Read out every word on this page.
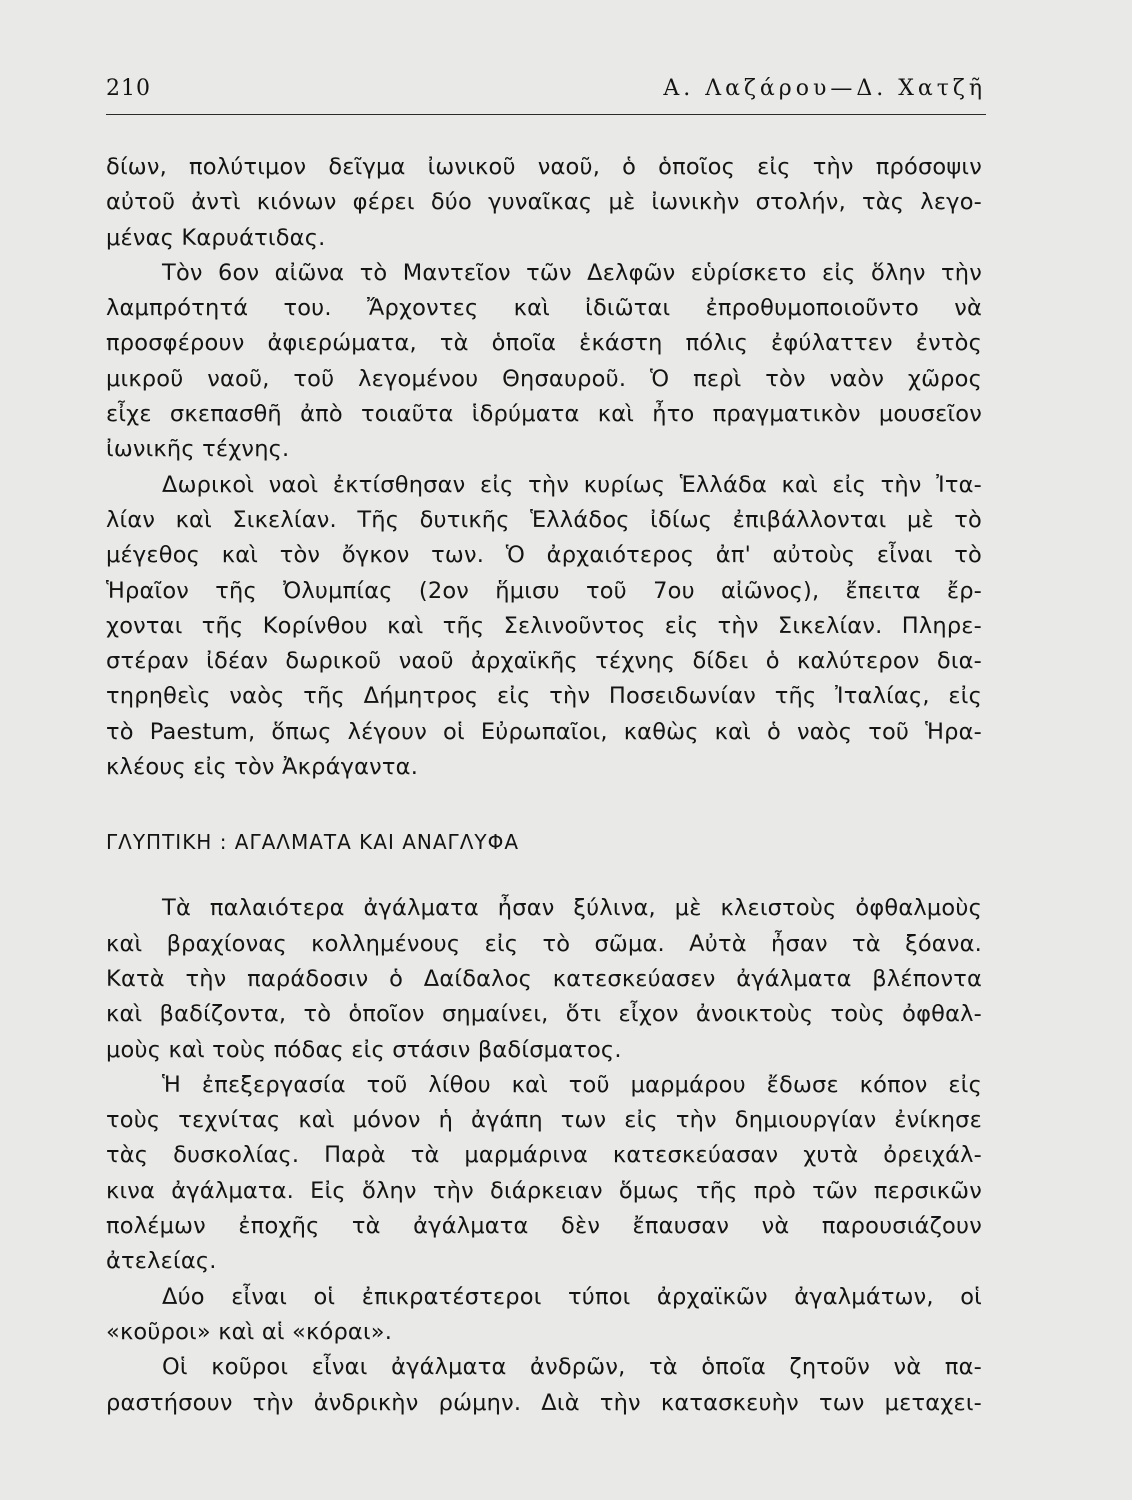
210	Α. Λαζάρου—Δ. Χατζῆ
δίων, πολύτιμον δεῖγμα ἰωνικοῦ ναοῦ, ὁ ὁποῖος εἰς τὴν πρόσοψιν
αὐτοῦ ἀντὶ κιόνων φέρει δύο γυναῖκας μὲ ἰωνικὴν στολήν, τὰς λεγο-
μένας Καρυάτιδας.
Τὸν 6ον αἰῶνα τὸ Μαντεῖον τῶν Δελφῶν εὑρίσκετο εἰς ὅλην τὴν
λαμπρότητά του. Ἄρχοντες καὶ ἰδιῶται ἐπροθυμοποιοῦντο νὰ
προσφέρουν ἀφιερώματα, τὰ ὁποῖα ἑκάστη πόλις ἐφύλαττεν ἐντὸς
μικροῦ ναοῦ, τοῦ λεγομένου Θησαυροῦ. Ὁ περὶ τὸν ναὸν χῶρος
εἶχε σκεπασθῆ ἀπὸ τοιαῦτα ἱδρύματα καὶ ἦτο πραγματικὸν μουσεῖον
ἰωνικῆς τέχνης.
Δωρικοὶ ναοὶ ἐκτίσθησαν εἰς τὴν κυρίως Ἑλλάδα καὶ εἰς τὴν Ἰτα-
λίαν καὶ Σικελίαν. Τῆς δυτικῆς Ἑλλάδος ἰδίως ἐπιβάλλονται μὲ τὸ
μέγεθος καὶ τὸν ὄγκον των. Ὁ ἀρχαιότερος ἀπ' αὐτοὺς εἶναι τὸ
Ἡραῖον τῆς Ὀλυμπίας (2ον ἥμισυ τοῦ 7ου αἰῶνος), ἔπειτα ἔρ-
χονται τῆς Κορίνθου καὶ τῆς Σελινοῦντος εἰς τὴν Σικελίαν. Πληρε-
στέραν ἰδέαν δωρικοῦ ναοῦ ἀρχαϊκῆς τέχνης δίδει ὁ καλύτερον δια-
τηρηθεὶς ναὸς τῆς Δήμητρος εἰς τὴν Ποσειδωνίαν τῆς Ἰταλίας, εἰς
τὸ Paestum, ὅπως λέγουν οἱ Εὐρωπαῖοι, καθὼς καὶ ὁ ναὸς τοῦ Ἡρα-
κλέους εἰς τὸν Ἀκράγαντα.
ΓΛΥΠΤΙΚΗ : ΑΓΑΛΜΑΤΑ ΚΑΙ ΑΝΑΓΛΥΦΑ
Τὰ παλαιότερα ἀγάλματα ἦσαν ξύλινα, μὲ κλειστοὺς ὀφθαλμοὺς
καὶ βραχίονας κολλημένους εἰς τὸ σῶμα. Αὐτὰ ἦσαν τὰ ξόανα.
Κατὰ τὴν παράδοσιν ὁ Δαίδαλος κατεσκεύασεν ἀγάλματα βλέποντα
καὶ βαδίζοντα, τὸ ὁποῖον σημαίνει, ὅτι εἶχον ἀνοικτοὺς τοὺς ὀφθαλ-
μοὺς καὶ τοὺς πόδας εἰς στάσιν βαδίσματος.
Ἡ ἐπεξεργασία τοῦ λίθου καὶ τοῦ μαρμάρου ἔδωσε κόπον εἰς
τοὺς τεχνίτας καὶ μόνον ἡ ἀγάπη των εἰς τὴν δημιουργίαν ἐνίκησε
τὰς δυσκολίας. Παρὰ τὰ μαρμάρινα κατεσκεύασαν χυτὰ ὀρειχάλ-
κινα ἀγάλματα. Εἰς ὅλην τὴν διάρκειαν ὅμως τῆς πρὸ τῶν περσικῶν
πολέμων ἐποχῆς τὰ ἀγάλματα δὲν ἔπαυσαν νὰ παρουσιάζουν
ἀτελείας.
Δύο εἶναι οἱ ἐπικρατέστεροι τύποι ἀρχαϊκῶν ἀγαλμάτων, οἱ
«κοῦροι» καὶ αἱ «κόραι».
Οἱ κοῦροι εἶναι ἀγάλματα ἀνδρῶν, τὰ ὁποῖα ζητοῦν νὰ πα-
ραστήσουν τὴν ἀνδρικὴν ρώμην. Διὰ τὴν κατασκευὴν των μεταχει-
